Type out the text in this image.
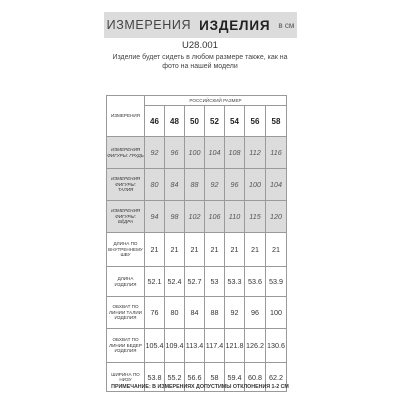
ИЗМЕРЕНИЯ ИЗДЕЛИЯ в см
U28.001
Изделие будет сидеть в любом размере также, как на фото на нашей модели
ИЗМЕРЕНИЯ	РОССИЙСКИЙ РАЗМЕР						
	46	48	50	52	54	56	58
ИЗМЕРЕНИЯ ФИГУРЫ: ГРУДЬ	92	96	100	104	108	112	116
ИЗМЕРЕНИЯ ФИГУРЫ: ТАЛИЯ	80	84	88	92	96	100	104
ИЗМЕРЕНИЯ ФИГУРЫ: БЁДРА	94	98	102	106	110	115	120
ДЛИНА ПО ВНУТРЕННЕМУ ШВУ	21	21	21	21	21	21	21
ДЛИНА ИЗДЕЛИЯ	52.1	52.4	52.7	53	53.3	53.6	53.9
ОБХВАТ ПО ЛИНИИ ТАЛИИ ИЗДЕЛИЯ	76	80	84	88	92	96	100
ОБХВАТ ПО ЛИНИИ БЕДЕР ИЗДЕЛИЯ	105.4	109.4	113.4	117.4	121.8	126.2	130.6
ШИРИНА ПО НИЗУ	53.8	55.2	56.6	58	59.4	60.8	62.2
ПРИМЕЧАНИЕ: В ИЗМЕРЕНИЯХ ДОПУСТИМЫ ОТКЛОНЕНИЯ 1-2 СМ
